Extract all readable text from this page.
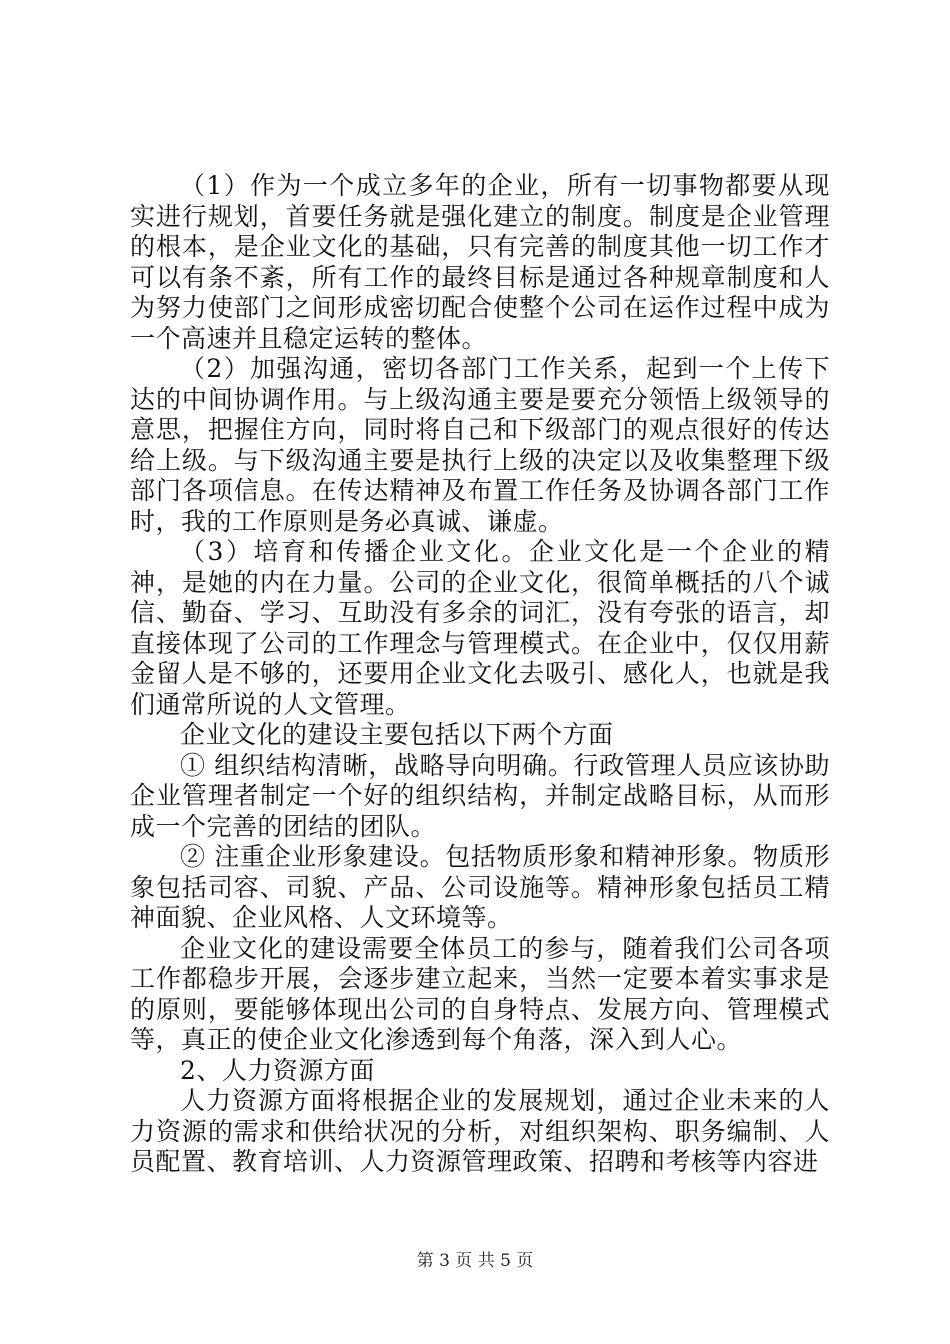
（1）作为一个成立多年的企业，所有一切事物都要从现实进行规划，首要任务就是强化建立的制度。制度是企业管理的根本，是企业文化的基础，只有完善的制度其他一切工作才可以有条不紊，所有工作的最终目标是通过各种规章制度和人为努力使部门之间形成密切配合使整个公司在运作过程中成为一个高速并且稳定运转的整体。

（2）加强沟通，密切各部门工作关系，起到一个上传下达的中间协调作用。与上级沟通主要是要充分领悟上级领导的意思，把握住方向，同时将自己和下级部门的观点很好的传达给上级。与下级沟通主要是执行上级的决定以及收集整理下级部门各项信息。在传达精神及布置工作任务及协调各部门工作时，我的工作原则是务必真诚、谦虚。

（3）培育和传播企业文化。企业文化是一个企业的精神，是她的内在力量。公司的企业文化，很简单概括的八个诚信、勤奋、学习、互助没有多余的词汇，没有夸张的语言，却直接体现了公司的工作理念与管理模式。在企业中，仅仅用薪金留人是不够的，还要用企业文化去吸引、感化人，也就是我们通常所说的人文管理。

企业文化的建设主要包括以下两个方面

① 组织结构清晰，战略导向明确。行政管理人员应该协助企业管理者制定一个好的组织结构，并制定战略目标，从而形成一个完善的团结的团队。

② 注重企业形象建设。包括物质形象和精神形象。物质形象包括司容、司貌、产品、公司设施等。精神形象包括员工精神面貌、企业风格、人文环境等。

企业文化的建设需要全体员工的参与，随着我们公司各项工作都稳步开展，会逐步建立起来，当然一定要本着实事求是的原则，要能够体现出公司的自身特点、发展方向、管理模式等，真正的使企业文化渗透到每个角落，深入到人心。

2、人力资源方面

人力资源方面将根据企业的发展规划，通过企业未来的人力资源的需求和供给状况的分析，对组织架构、职务编制、人员配置、教育培训、人力资源管理政策、招聘和考核等内容进

第 3 页 共 5 页
